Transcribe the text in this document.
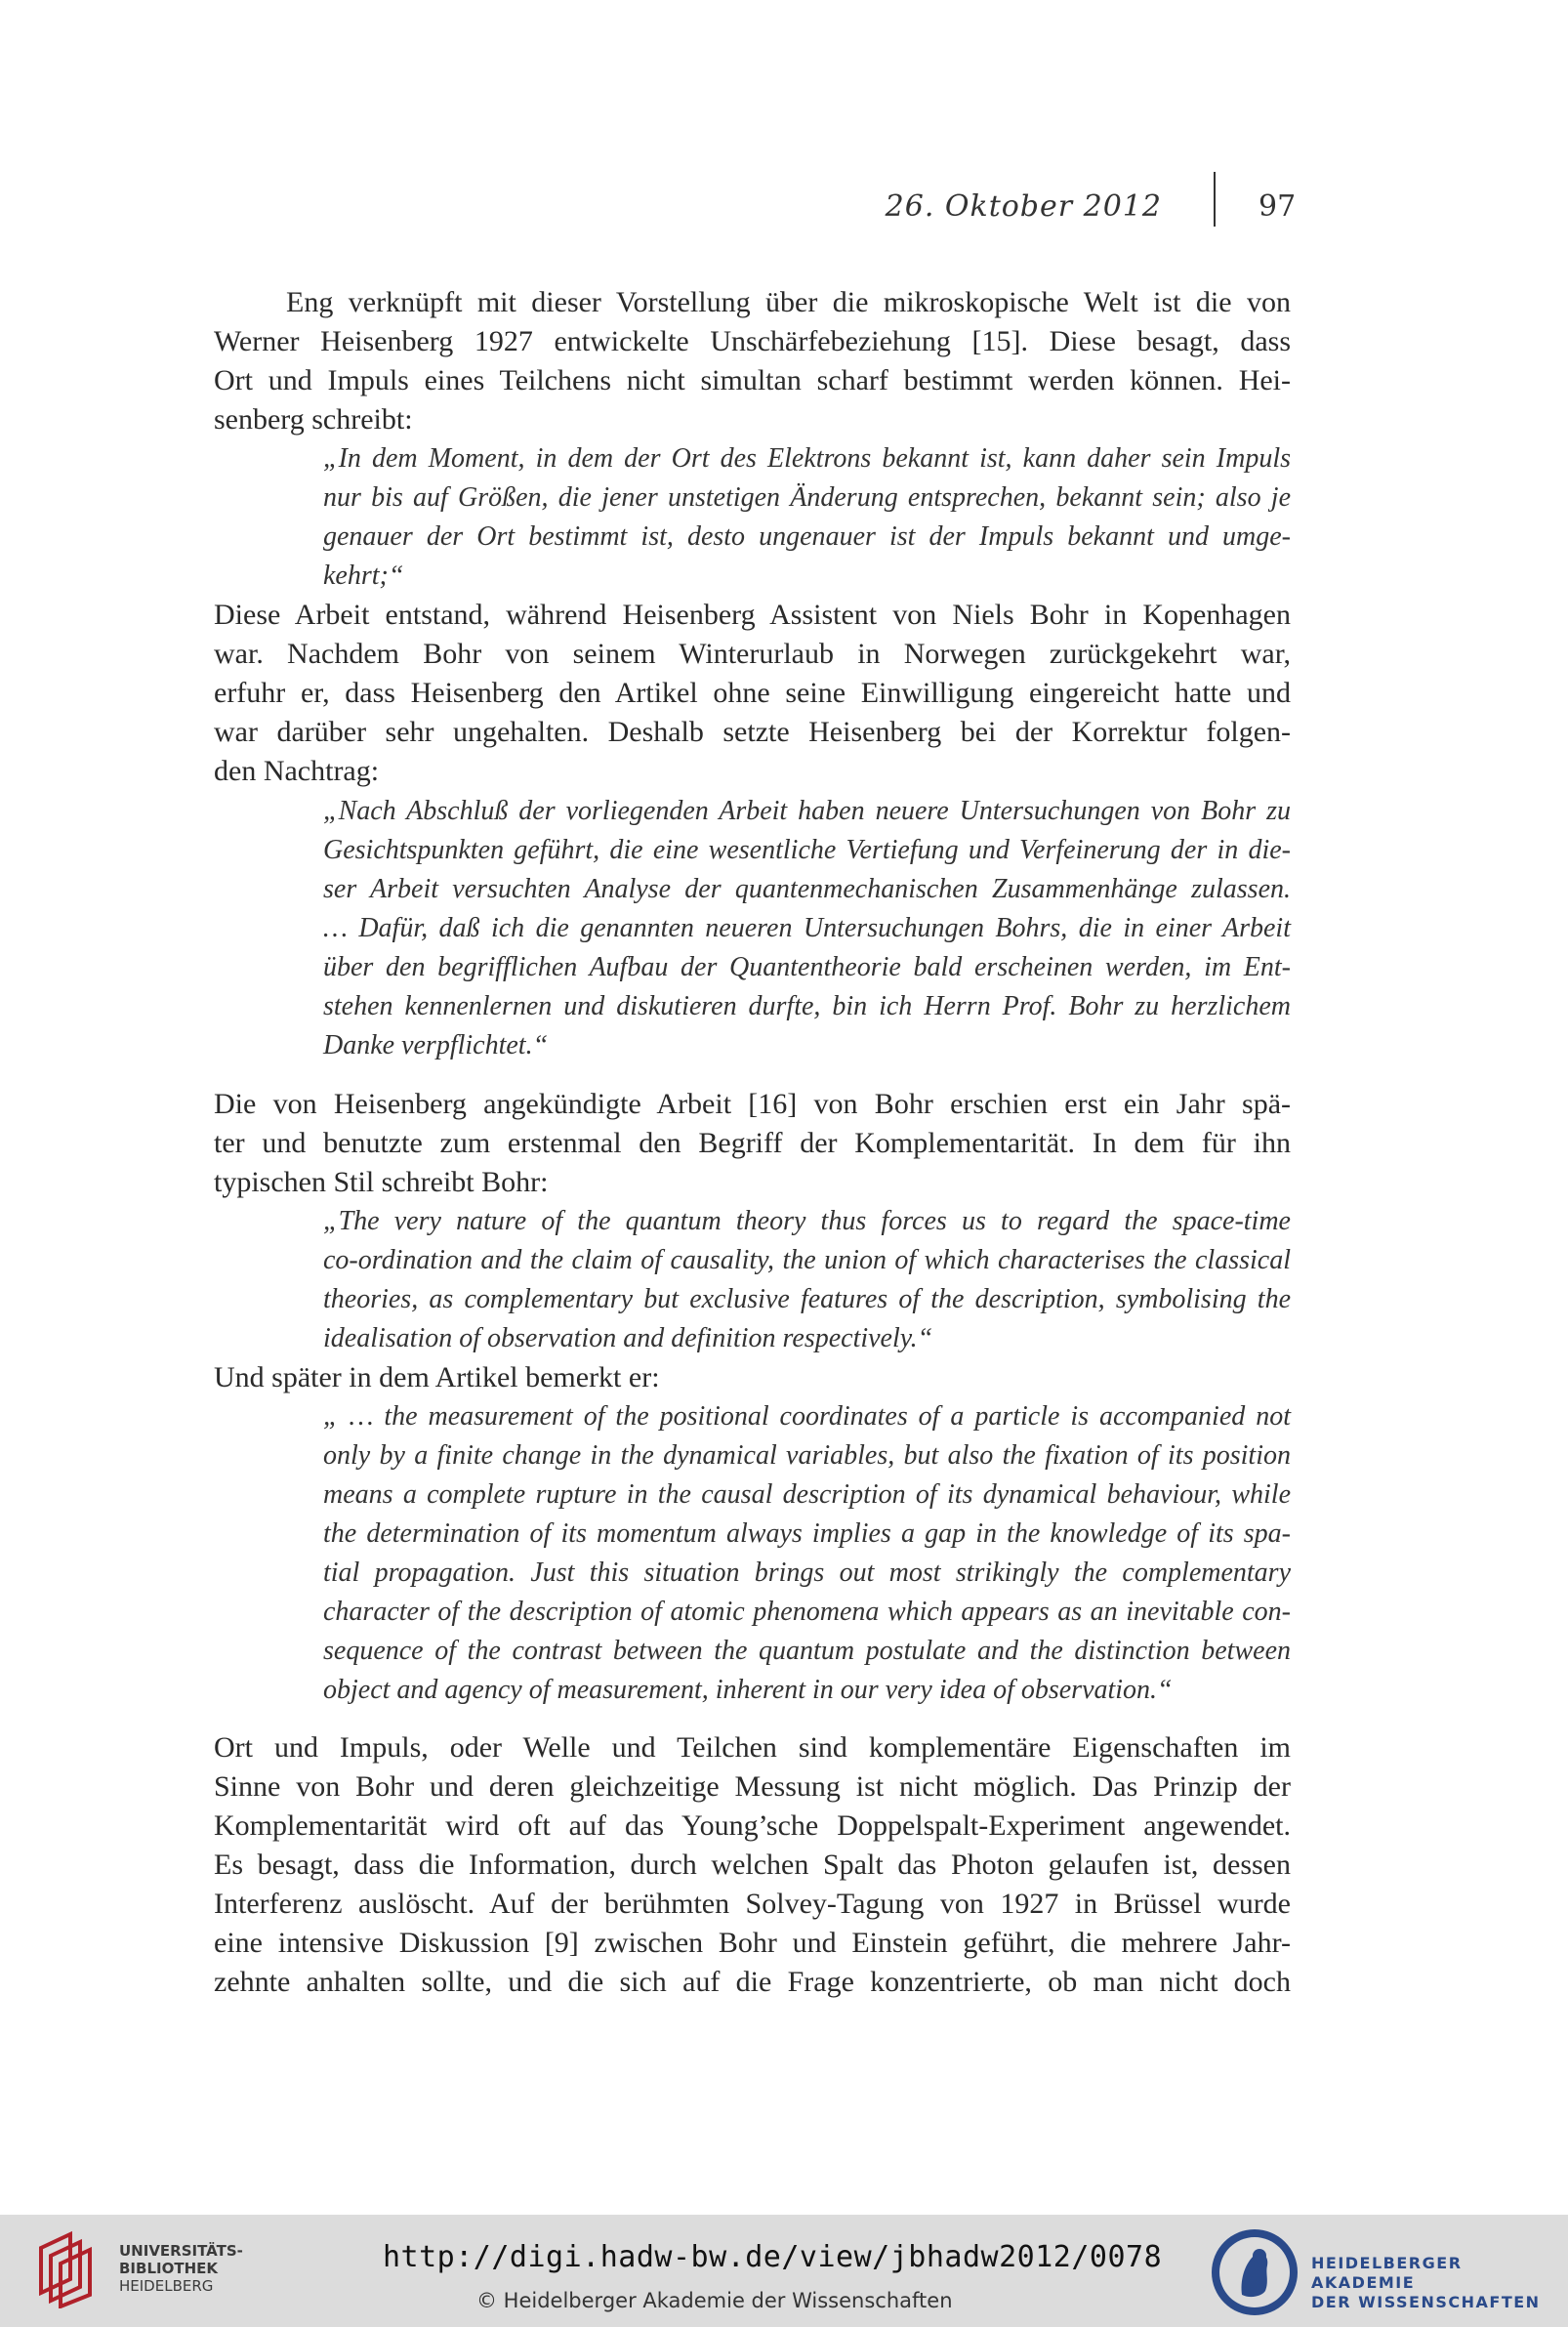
26. Oktober 2012	97
Eng verknüpft mit dieser Vorstellung über die mikroskopische Welt ist die von
Werner Heisenberg 1927 entwickelte Unschärfebeziehung [15]. Diese besagt, dass
Ort und Impuls eines Teilchens nicht simultan scharf bestimmt werden können. Hei-
senberg schreibt:
„In dem Moment, in dem der Ort des Elektrons bekannt ist, kann daher sein Impuls
nur bis auf Größen, die jener unstetigen Änderung entsprechen, bekannt sein; also je
genauer der Ort bestimmt ist, desto ungenauer ist der Impuls bekannt und umge-
kehrt;“
Diese Arbeit entstand, während Heisenberg Assistent von Niels Bohr in Kopenhagen
war. Nachdem Bohr von seinem Winterurlaub in Norwegen zurückgekehrt war,
erfuhr er, dass Heisenberg den Artikel ohne seine Einwilligung eingereicht hatte und
war darüber sehr ungehalten. Deshalb setzte Heisenberg bei der Korrektur folgen-
den Nachtrag:
„Nach Abschluß der vorliegenden Arbeit haben neuere Untersuchungen von Bohr zu
Gesichtspunkten geführt, die eine wesentliche Vertiefung und Verfeinerung der in die-
ser Arbeit versuchten Analyse der quantenmechanischen Zusammenhänge zulassen.
… Dafür, daß ich die genannten neueren Untersuchungen Bohrs, die in einer Arbeit
über den begrifflichen Aufbau der Quantentheorie bald erscheinen werden, im Ent-
stehen kennenlernen und diskutieren durfte, bin ich Herrn Prof. Bohr zu herzlichem
Danke verpflichtet.“
Die von Heisenberg angekündigte Arbeit [16] von Bohr erschien erst ein Jahr spä-
ter und benutzte zum erstenmal den Begriff der Komplementarität. In dem für ihn
typischen Stil schreibt Bohr:
„The very nature of the quantum theory thus forces us to regard the space-time
co-ordination and the claim of causality, the union of which characterises the classical
theories, as complementary but exclusive features of the description, symbolising the
idealisation of observation and definition respectively.“
Und später in dem Artikel bemerkt er:
„ … the measurement of the positional coordinates of a particle is accompanied not
only by a finite change in the dynamical variables, but also the fixation of its position
means a complete rupture in the causal description of its dynamical behaviour, while
the determination of its momentum always implies a gap in the knowledge of its spa-
tial propagation. Just this situation brings out most strikingly the complementary
character of the description of atomic phenomena which appears as an inevitable con-
sequence of the contrast between the quantum postulate and the distinction between
object and agency of measurement, inherent in our very idea of observation.“
Ort und Impuls, oder Welle und Teilchen sind komplementäre Eigenschaften im
Sinne von Bohr und deren gleichzeitige Messung ist nicht möglich. Das Prinzip der
Komplementarität wird oft auf das Young’sche Doppelspalt-Experiment angewendet.
Es besagt, dass die Information, durch welchen Spalt das Photon gelaufen ist, dessen
Interferenz auslöscht. Auf der berühmten Solvey-Tagung von 1927 in Brüssel wurde
eine intensive Diskussion [9] zwischen Bohr und Einstein geführt, die mehrere Jahr-
zehnte anhalten sollte, und die sich auf die Frage konzentrierte, ob man nicht doch
UNIVERSITÄTS-
BIBLIOTHEK
HEIDELBERG
http://digi.hadw-bw.de/view/jbhadw2012/0078
© Heidelberger Akademie der Wissenschaften
HEIDELBERGER AKADEMIE
DER WISSENSCHAFTEN
